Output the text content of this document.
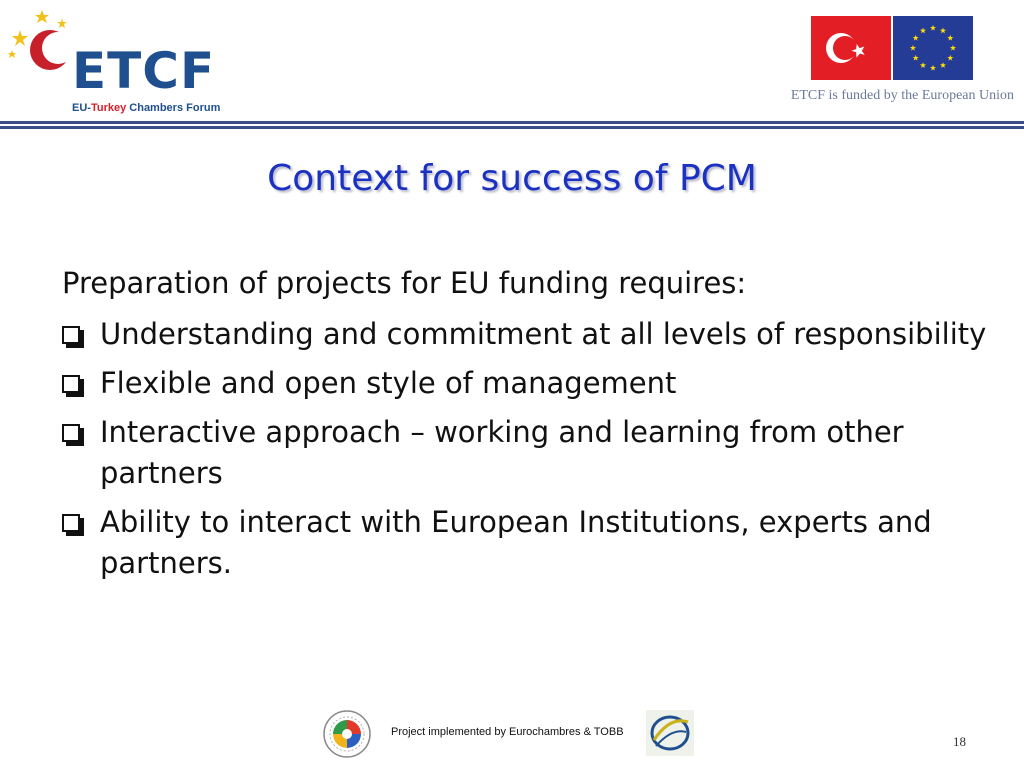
ETCF
EU-Turkey Chambers Forum
ETCF is funded by the European Union
Context for success of PCM
Preparation of projects for EU funding requires:
Understanding and commitment at all levels of responsibility
Flexible and open style of management
Interactive approach – working and learning from other partners
Ability to interact with European Institutions, experts and partners.
Project implemented by Eurochambres & TOBB
18
